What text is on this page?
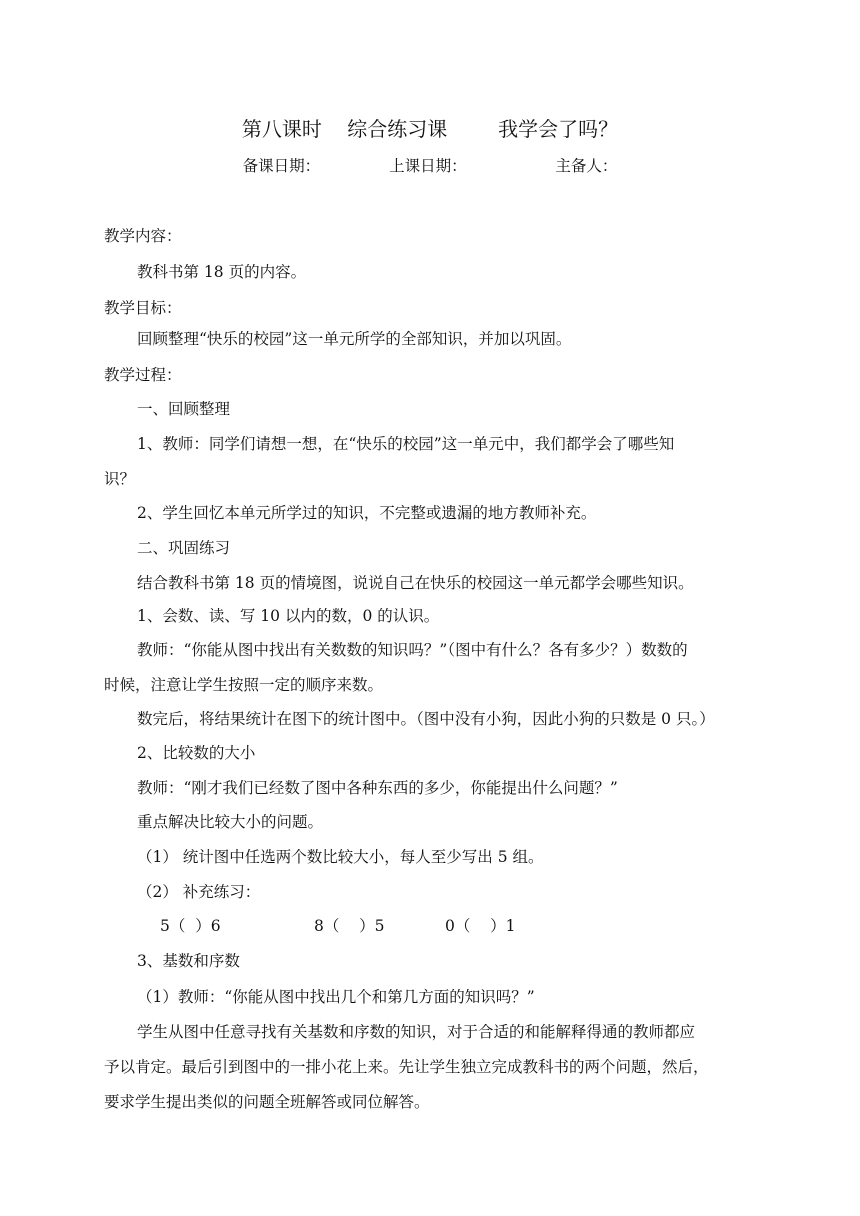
第八课时    综合练习课        我学会了吗？
备课日期：              上课日期：                  主备人：
教学内容：
教科书第 18 页的内容。
教学目标：
回顾整理“快乐的校园”这一单元所学的全部知识，并加以巩固。
教学过程：
一、回顾整理
1、教师：同学们请想一想，在“快乐的校园”这一单元中，我们都学会了哪些知
识？
2、学生回忆本单元所学过的知识，不完整或遗漏的地方教师补充。
二、巩固练习
结合教科书第 18 页的情境图，说说自己在快乐的校园这一单元都学会哪些知识。
1、会数、读、写 10 以内的数，0 的认识。
教师：“你能从图中找出有关数数的知识吗？”（图中有什么？各有多少？）数数的
时候，注意让学生按照一定的顺序来数。
数完后，将结果统计在图下的统计图中。（图中没有小狗，因此小狗的只数是 0 只。）
2、比较数的大小
教师：“刚才我们已经数了图中各种东西的多少，你能提出什么问题？”
重点解决比较大小的问题。
（1） 统计图中任选两个数比较大小，每人至少写出 5 组。
（2） 补充练习：
5（  ）6	8（    ）5	0（    ）1
3、基数和序数
（1）教师：“你能从图中找出几个和第几方面的知识吗？”
学生从图中任意寻找有关基数和序数的知识，对于合适的和能解释得通的教师都应
予以肯定。最后引到图中的一排小花上来。先让学生独立完成教科书的两个问题，然后，
要求学生提出类似的问题全班解答或同位解答。
